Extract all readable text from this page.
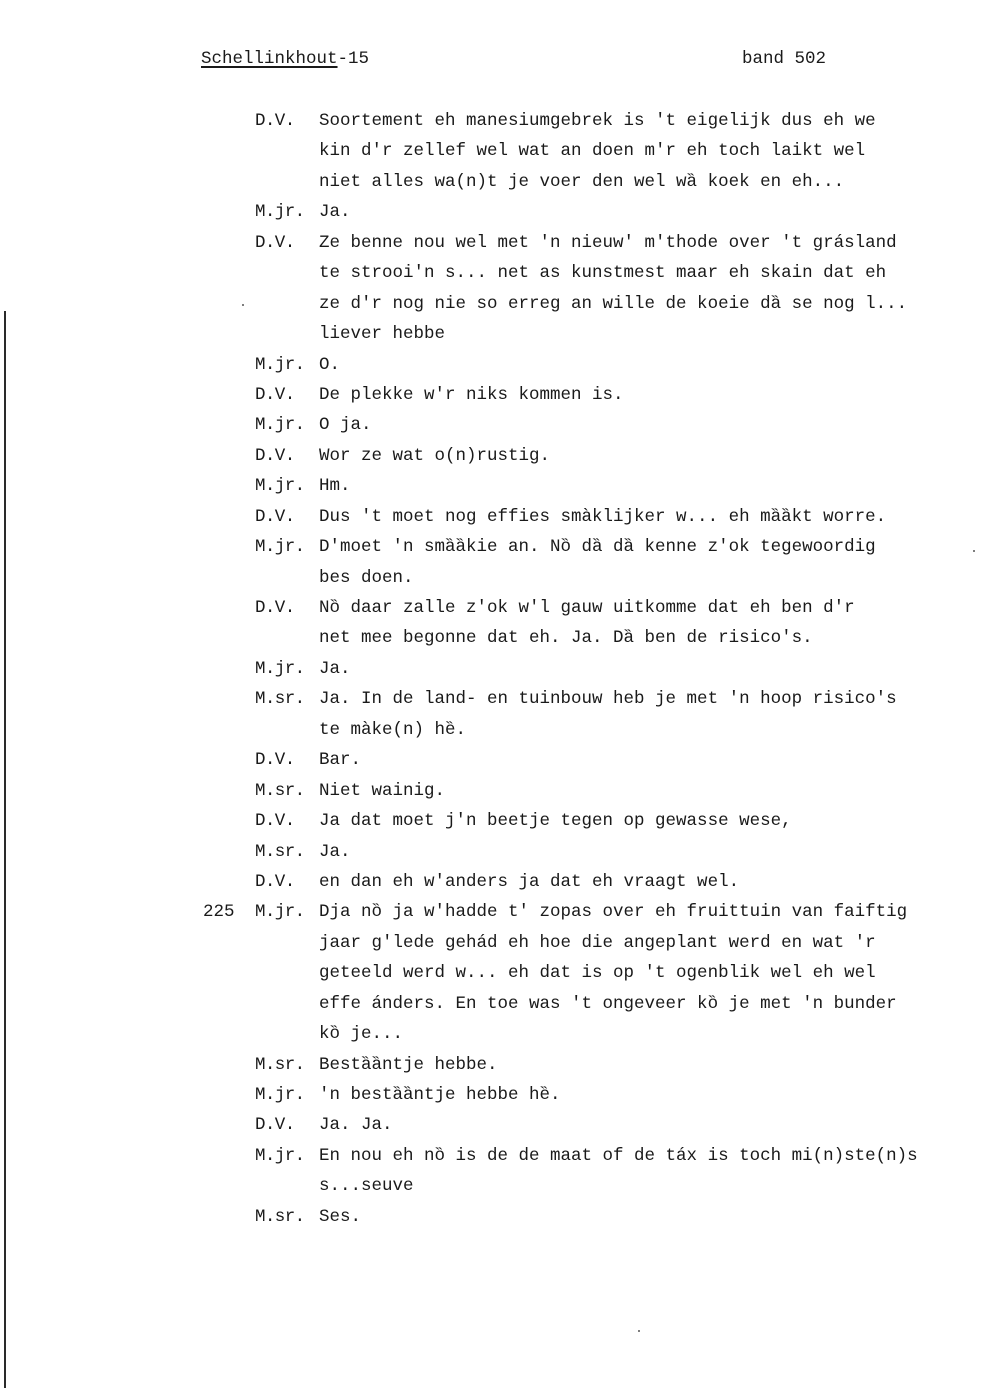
Schellinkhout-15	band 502
D.V. Soortement eh manesiumgebrek is 't eigelijk dus eh we
kin d'r zellef wel wat an doen m'r eh toch laikt wel
niet alles wa(n)t je voer den wel wȁ koek en eh...
M.jr. Ja.
D.V. Ze benne nou wel met 'n nieuw' m'thode over 't grásland
te strooi'n s... net as kunstmest maar eh skain dat eh
ze d'r nog nie so erreg an wille de koeie dȁ se nog l...
liever hebbe
M.jr. O.
D.V. De plekke w'r niks kommen is.
M.jr. O ja.
D.V. Wor ze wat o(n)rustig.
M.jr. Hm.
D.V. Dus 't moet nog effies smàklijker w... eh mȁȁkt worre.
M.jr. D'moet 'n smȁȁkie an. Nȍ dȁ dȁ kenne z'ok tegewoordig
bes doen.
D.V. Nȍ daar zalle z'ok w'l gauw uitkomme dat eh ben d'r
net mee begonne dat eh. Ja. Dȁ ben de risico's.
M.jr. Ja.
M.sr. Ja. In de land- en tuinbouw heb je met 'n hoop risico's
te màke(n) hȅ.
D.V. Bar.
M.sr. Niet wainig.
D.V. Ja dat moet j'n beetje tegen op gewasse wese,
M.sr. Ja.
D.V. en dan eh w'anders ja dat eh vraagt wel.
225 M.jr. Dja nȍ ja w'hadde t' zopas over eh fruittuin van faiftig
jaar g'lede gehád eh hoe die angeplant werd en wat 'r
geteeld werd w... eh dat is op 't ogenblik wel eh wel
effe ánders. En toe was 't ongeveer kȍ je met 'n bunder
kȍ je...
M.sr. Bestȁȁntje hebbe.
M.jr. 'n bestȁȁntje hebbe hȅ.
D.V. Ja. Ja.
M.jr. En nou eh nȍ is de de maat of de táx is toch mi(n)ste(n)s
s...seuve
M.sr. Ses.
